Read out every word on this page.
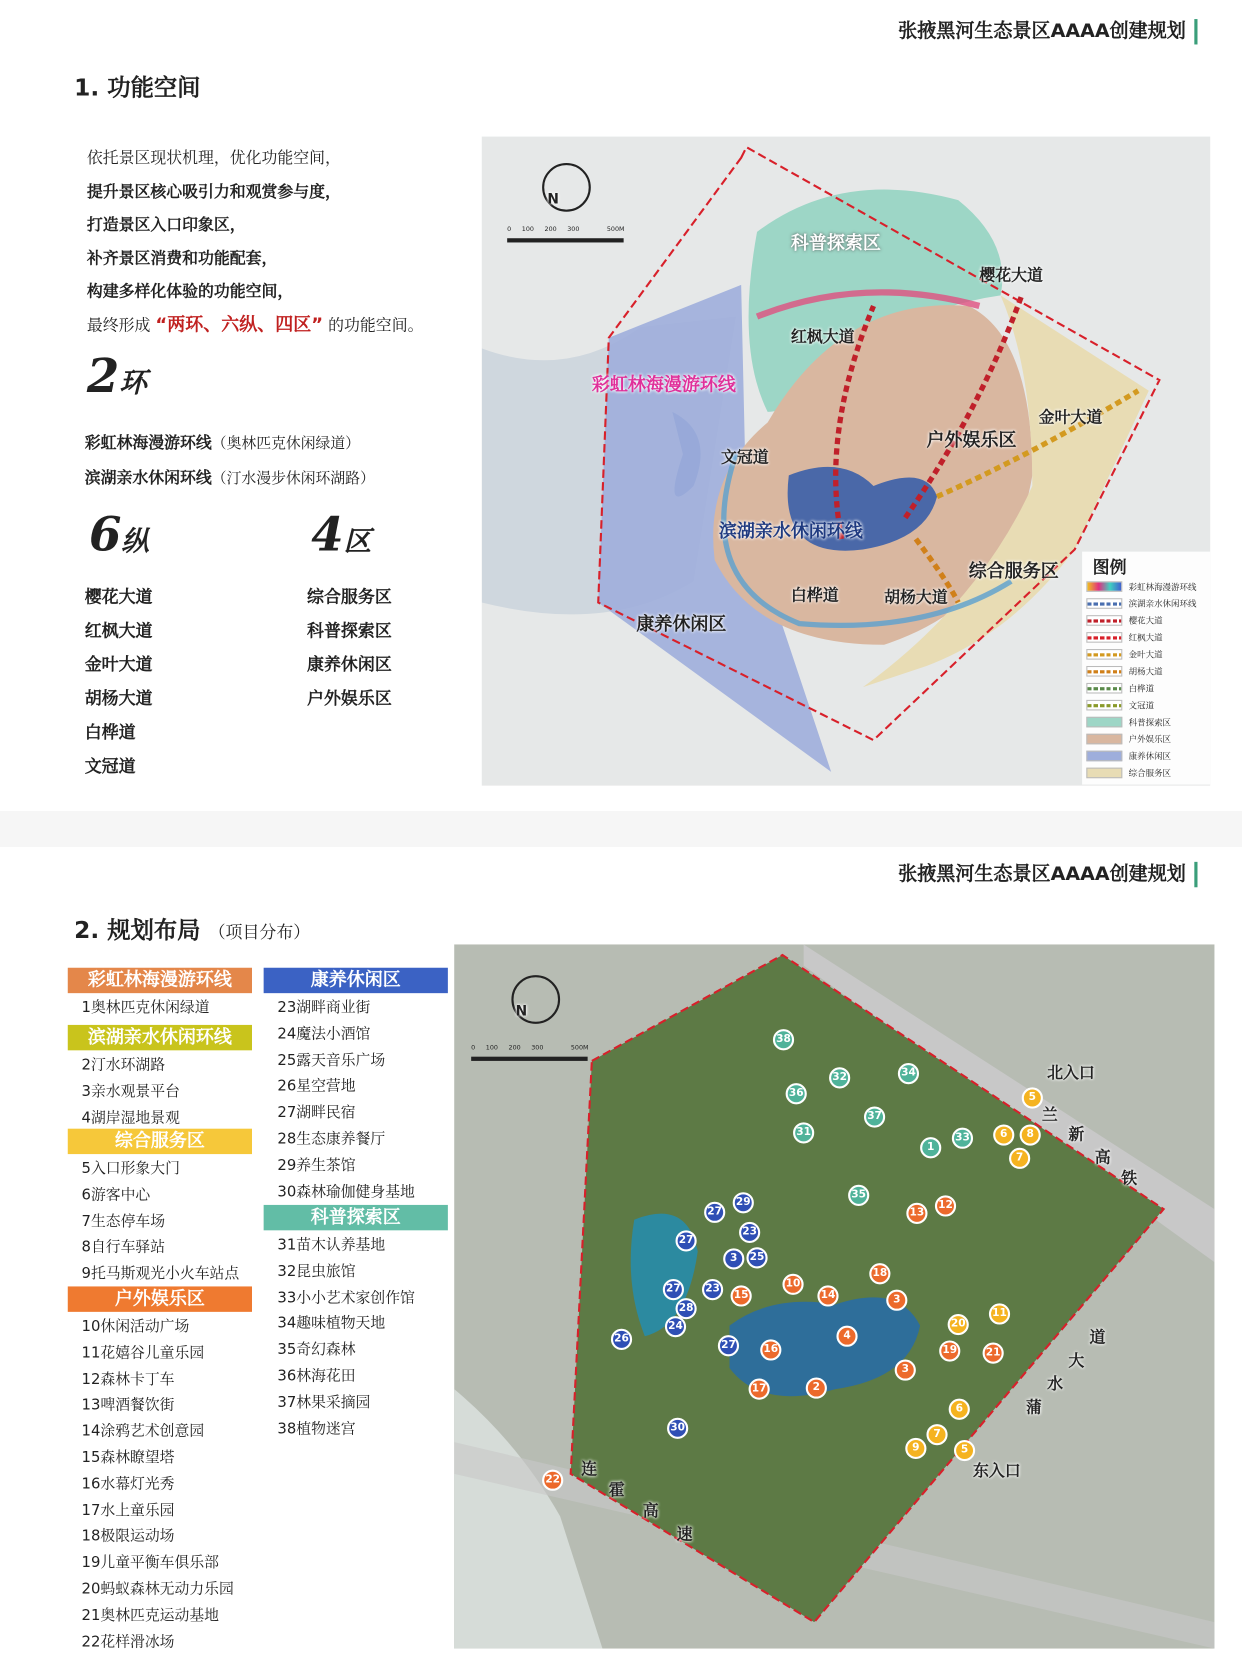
张掖黑河生态景区AAAA创建规划
1. 功能空间

依托景区现状机理，优化功能空间，

提升景区核心吸引力和观赏参与度，

打造景区入口印象区，

补齐景区消费和功能配套，

构建多样化体验的功能空间，

最终形成 “两环、六纵、四区” 的功能空间。

2环
彩虹林海漫游环线（奥林匹克休闲绿道）
滨湖亲水休闲环线（汀水漫步休闲环湖路）
6纵
樱花大道
红枫大道
金叶大道
胡杨大道
白桦道
文冠道
4区
综合服务区
科普探索区
康养休闲区
户外娱乐区
N
0 100 200 300	500M
科普探索区
樱花大道
红枫大道
彩虹林海漫游环线
金叶大道
户外娱乐区
文冠道
滨湖亲水休闲环线
综合服务区
白桦道	胡杨大道
康养休闲区
图例
彩虹林海漫游环线
滨湖亲水休闲环线
樱花大道
红枫大道
金叶大道
胡杨大道
白桦道
文冠道
科普探索区
户外娱乐区
康养休闲区
综合服务区
张掖黑河生态景区AAAA创建规划
2. 规划布局 （项目分布）
彩虹林海漫游环线
1奥林匹克休闲绿道
滨湖亲水休闲环线
2汀水环湖路
3亲水观景平台
4湖岸湿地景观
综合服务区
5入口形象大门
6游客中心
7生态停车场
8自行车驿站
9托马斯观光小火车站点
户外娱乐区
10休闲活动广场
11花嬉谷儿童乐园
12森林卡丁车
13啤酒餐饮街
14涂鸦艺术创意园
15森林瞭望塔
16水幕灯光秀
17水上童乐园
18极限运动场
19儿童平衡车俱乐部
20蚂蚁森林无动力乐园
21奥林匹克运动基地
22花样滑冰场
康养休闲区
23湖畔商业街
24魔法小酒馆
25露天音乐广场
26星空营地
27湖畔民宿
28生态康养餐厅
29养生茶馆
30森林瑜伽健身基地
科普探索区
31苗木认养基地
32昆虫旅馆
33小小艺术家创作馆
34趣味植物天地
35奇幻森林
36林海花田
37林果采摘园
38植物迷宫
N
0 100 200 300	500M
北入口
东入口
兰
新
高
铁
连
霍
高
速
道
大
水
蒲
38
32	34
36
37
31
1
33
35
5
6	8
7
13
12
29
27
27
23
3	25
18
10
14
15	3
27	23
28
24
26
27
4
16
20
11
19	21
3
17	2
6
7
9	5
30
22
